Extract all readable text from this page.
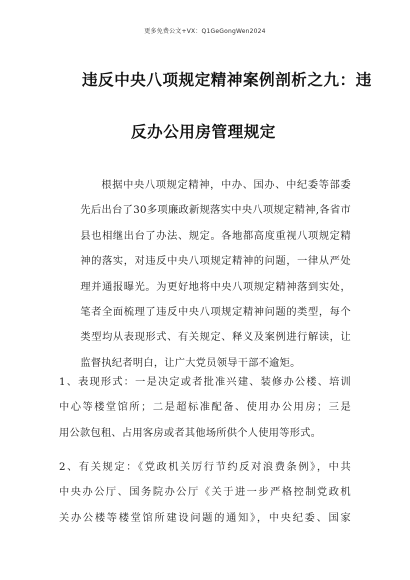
更多免费公文+VX：Q1GeGongWen2024
违反中央八项规定精神案例剖析之九：违
反办公用房管理规定
根据中央八项规定精神，中办、国办、中纪委等部委
先后出台了30多项廉政新规落实中央八项规定精神,各省市
县也相继出台了办法、规定。各地都高度重视八项规定精
神的落实，对违反中央八项规定精神的问题，一律从严处
理并通报曝光。为更好地将中央八项规定精神落到实处，
笔者全面梳理了违反中央八项规定精神问题的类型，每个
类型均从表现形式、有关规定、释义及案例进行解读，让
监督执纪者明白，让广大党员领导干部不逾矩。
1、表现形式：一是决定或者批准兴建、装修办公楼、培训
中心等楼堂馆所；二是超标准配备、使用办公用房；三是
用公款包租、占用客房或者其他场所供个人使用等形式。
2、有关规定：《党政机关厉行节约反对浪费条例》，中共
中央办公厅、国务院办公厅《关于进一步严格控制党政机
关办公楼等楼堂馆所建设问题的通知》，中央纪委、国家
